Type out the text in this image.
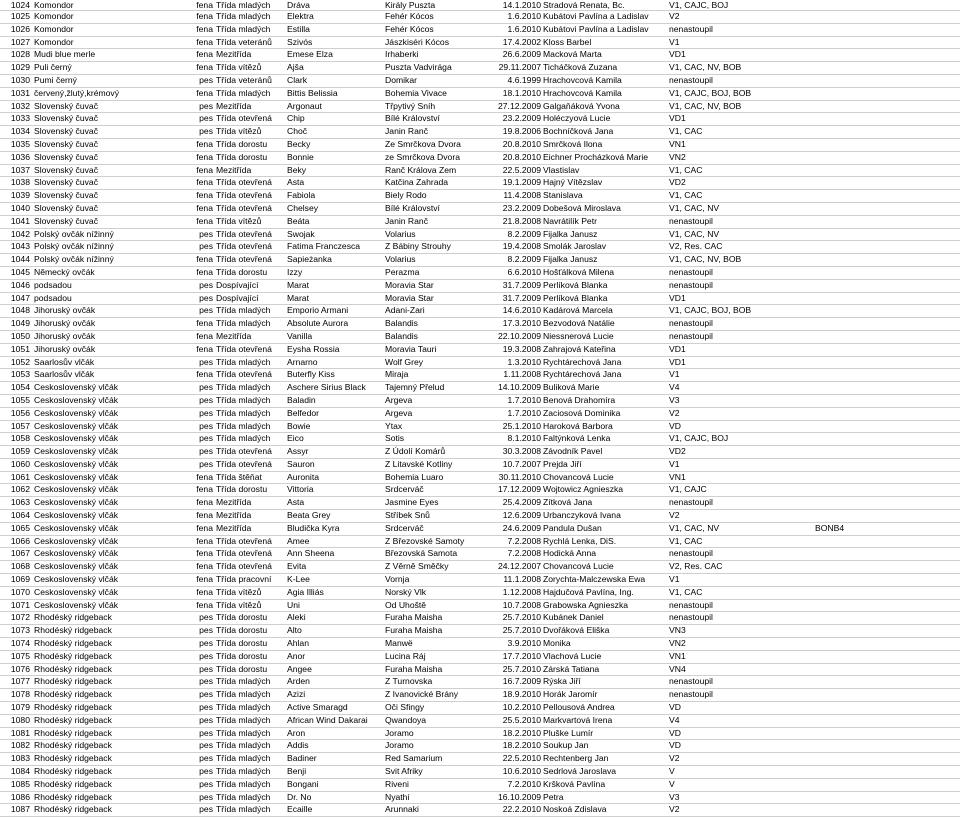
1024	Komondor	fena	Třída mladých	Dráva	Király Puszta	14.1.2010	Stradová Renata, Bc.	V1, CAJC, BOJ	
1025	Komondor	fena	Třída mladých	Elektra	Fehér Kócos	1.6.2010	Kubátovi Pavlína a Ladislav	V2	
1026	Komondor	fena	Třída mladých	Estilla	Fehér Kócos	1.6.2010	Kubátovi Pavlína a Ladislav	nenastoupil	
1027	Komondor	fena	Třída veteránů	Szivós	Jászkiséri Kócos	17.4.2002	Kloss Barbel	V1	
1028	Mudi blue merle	fena	Mezitřída	Emese Elza	Irhaberki	26.6.2009	Macková Marta	VD1	
1029	Puli černý	fena	Třída vítězů	Ajša	Puszta Vadvirága	29.11.2007	Ticháčková Zuzana	V1, CAC, NV, BOB	
1030	Pumi černý	pes	Třída veteránů	Clark	Domikar	4.6.1999	Hrachovcová Kamila	nenastoupil	
1031	červený,žlutý,krémový	fena	Třída mladých	Bittis Belissia	Bohemia Vivace	18.1.2010	Hrachovcová Kamila	V1, CAJC, BOJ, BOB	
1032	Slovenský čuvač	pes	Mezitřída	Argonaut	Třpytivý Sníh	27.12.2009	Galgaňáková Yvona	V1, CAC, NV, BOB	
1033	Slovenský čuvač	pes	Třída otevřená	Chip	Bílé Království	23.2.2009	Holéczyová Lucie	VD1	
1034	Slovenský čuvač	pes	Třída vítězů	Choč	Janin Ranč	19.8.2006	Bochníčková Jana	V1, CAC	
1035	Slovenský čuvač	fena	Třída dorostu	Becky	Ze Smrčkova Dvora	20.8.2010	Smrčková Ilona	VN1	
1036	Slovenský čuvač	fena	Třída dorostu	Bonnie	ze Smrčkova Dvora	20.8.2010	Eichner Procházková Marie	VN2	
1037	Slovenský čuvač	fena	Mezitřída	Beky	Ranč Králova Zem	22.5.2009	Vlastislav	V1, CAC	
1038	Slovenský čuvač	fena	Třída otevřená	Asta	Katčina Zahrada	19.1.2009	Hajný Vítězslav	VD2	
1039	Slovenský čuvač	fena	Třída otevřená	Fabiola	Biely Rodo	11.4.2008	Stanislava	V1, CAC	
1040	Slovenský čuvač	fena	Třída otevřená	Chelsey	Bílé Království	23.2.2009	Dobešová Miroslava	V1, CAC, NV	
1041	Slovenský čuvač	fena	Třída vítězů	Beáta	Janin Ranč	21.8.2008	Navrátilík Petr	nenastoupil	
1042	Polský ovčák nížinný	pes	Třída otevřená	Swojak	Volarius	8.2.2009	Fijalka Janusz	V1, CAC, NV	
1043	Polský ovčák nížinný	pes	Třída otevřená	Fatima Franczesca	Z Bábiny Strouhy	19.4.2008	Smolák Jaroslav	V2, Res. CAC	
1044	Polský ovčák nížinný	fena	Třída otevřená	Sapieżanka	Volarius	8.2.2009	Fijalka Janusz	V1, CAC, NV, BOB	
1045	Německý ovčák	fena	Třída dorostu	Izzy	Perazma	6.6.2010	Hošťálková Milena	nenastoupil	
1046	podsadou	pes	Dospívající	Marat	Moravia Star	31.7.2009	Perlíková Blanka	nenastoupil	
1047	podsadou	pes	Dospívající	Marat	Moravia Star	31.7.2009	Perlíková Blanka	VD1	
1048	Jihoruský ovčák	pes	Třída mladých	Emporio Armani	Adani-Zari	14.6.2010	Kadárová Marcela	V1, CAJC, BOJ, BOB	
1049	Jihoruský ovčák	fena	Třída mladých	Absolute Aurora	Balandis	17.3.2010	Bezvodová Natálie	nenastoupil	
1050	Jihoruský ovčák	fena	Mezitřída	Vanilla	Balandis	22.10.2009	Niessnerová Lucie	nenastoupil	
1051	Jihoruský ovčák	fena	Třída otevřená	Eysha Rossia	Moravia Tauri	19.3.2008	Zahrajová Kateřina	VD1	
1052	Saarlosův vlčák	pes	Třída mladých	Arnarno	Wolf Grey	1.3.2010	Rychtárechová Jana	VD1	
1053	Saarlosův vlčák	fena	Třída otevřená	Buterfly Kiss	Miraja	1.11.2008	Rychtárechová Jana	V1	
1054	Ceskoslovenský vlčák	pes	Třída mladých	Aschere Sirius Black	Tajemný Přelud	14.10.2009	Buliková Marie	V4	
1055	Ceskoslovenský vlčák	pes	Třída mladých	Baladin	Argeva	1.7.2010	Benová Drahomíra	V3	
1056	Ceskoslovenský vlčák	pes	Třída mladých	Belfedor	Argeva	1.7.2010	Zaciosová Dominika	V2	
1057	Ceskoslovenský vlčák	pes	Třída mladých	Bowie	Ytax	25.1.2010	Haroková Barbora	VD	
1058	Ceskoslovenský vlčák	pes	Třída mladých	Eico	Sotis	8.1.2010	Faltýnková Lenka	V1, CAJC, BOJ	
1059	Ceskoslovenský vlčák	pes	Třída otevřená	Assyr	Z Údolí Komárů	30.3.2008	Závodník Pavel	VD2	
1060	Ceskoslovenský vlčák	pes	Třída otevřená	Sauron	Z Litavské Kotliny	10.7.2007	Prejda Jiří	V1	
1061	Ceskoslovenský vlčák	fena	Třída štěňat	Auronita	Bohemia Luaro	30.11.2010	Chovancová Lucie	VN1	
1062	Ceskoslovenský vlčák	fena	Třída dorostu	Vittoria	Srdcerváč	17.12.2009	Wojtowicz Agnieszka	V1, CAJC	
1063	Ceskoslovenský vlčák	fena	Mezitřída	Asta	Jasmine Eyes	25.4.2009	Zítková Jana	nenastoupil	
1064	Ceskoslovenský vlčák	fena	Mezitřída	Beata Grey	Stříbek Snů	12.6.2009	Urbanczyková Ivana	V2	
1065	Ceskoslovenský vlčák	fena	Mezitřída	Bludička Kyra	Srdcerváč	24.6.2009	Pandula Dušan	V1, CAC, NV	BONB4
1066	Ceskoslovenský vlčák	fena	Třída otevřená	Amee	Z Březovské Samoty	7.2.2008	Rychlá Lenka, DiS.	V1, CAC	
1067	Ceskoslovenský vlčák	fena	Třída otevřená	Ann Sheena	Březovská Samota	7.2.2008	Hodická Anna	nenastoupil	
1068	Ceskoslovenský vlčák	fena	Třída otevřená	Evita	Z Věrně Směčky	24.12.2007	Chovancová Lucie	V2, Res. CAC	
1069	Ceskoslovenský vlčák	fena	Třída pracovní	K-Lee	Vornja	11.1.2008	Zorychta-Malczewska Ewa	V1	
1070	Ceskoslovenský vlčák	fena	Třída vítězů	Agia Illiás	Norský Vlk	1.12.2008	Hajdučová Pavlína, Ing.	V1, CAC	
1071	Ceskoslovenský vlčák	fena	Třída vítězů	Uni	Od Uhoště	10.7.2008	Grabowska Agnieszka	nenastoupil	
1072	Rhodéský ridgeback	pes	Třída dorostu	Aleki	Furaha Maisha	25.7.2010	Kubánek Daniel	nenastoupil	
1073	Rhodéský ridgeback	pes	Třída dorostu	Alto	Furaha Maisha	25.7.2010	Dvořáková Eliška	VN3	
1074	Rhodéský ridgeback	pes	Třída dorostu	Ahlan	Manwë	3.9.2010	Monika	VN2	
1075	Rhodéský ridgeback	pes	Třída dorostu	Anor	Lucina Ráj	17.7.2010	Vlachová Lucie	VN1	
1076	Rhodéský ridgeback	pes	Třída dorostu	Angee	Furaha Maisha	25.7.2010	Zárská Tatiana	VN4	
1077	Rhodéský ridgeback	pes	Třída mladých	Arden	Z Turnovska	16.7.2009	Rýska Jiří	nenastoupil	
1078	Rhodéský ridgeback	pes	Třída mladých	Azizi	Z Ivanovické Brány	18.9.2010	Horák Jaromír	nenastoupil	
1079	Rhodéský ridgeback	pes	Třída mladých	Active Smaragd	Oči Sfingy	10.2.2010	Pellousová Andrea	VD	
1080	Rhodéský ridgeback	pes	Třída mladých	African Wind Dakarai	Qwandoya	25.5.2010	Markvartová Irena	V4	
1081	Rhodéský ridgeback	pes	Třída mladých	Aron	Joramo	18.2.2010	Pluške Lumír	VD	
1082	Rhodéský ridgeback	pes	Třída mladých	Addis	Joramo	18.2.2010	Soukup Jan	VD	
1083	Rhodéský ridgeback	pes	Třída mladých	Badiner	Red Samarium	22.5.2010	Rechtenberg Jan	V2	
1084	Rhodéský ridgeback	pes	Třída mladých	Benji	Svit Afriky	10.6.2010	Sedrlová Jaroslava	V	
1085	Rhodéský ridgeback	pes	Třída mladých	Bongani	Riveni	7.2.2010	Kršková Pavlína	V	
1086	Rhodéský ridgeback	pes	Třída mladých	Dr. No	Nyathi	16.10.2009	Petra	V3	
1087	Rhodéský ridgeback	pes	Třída mladých	Ecaille	Arunnaki	22.2.2010	Noskoá Zdislava	V2	
